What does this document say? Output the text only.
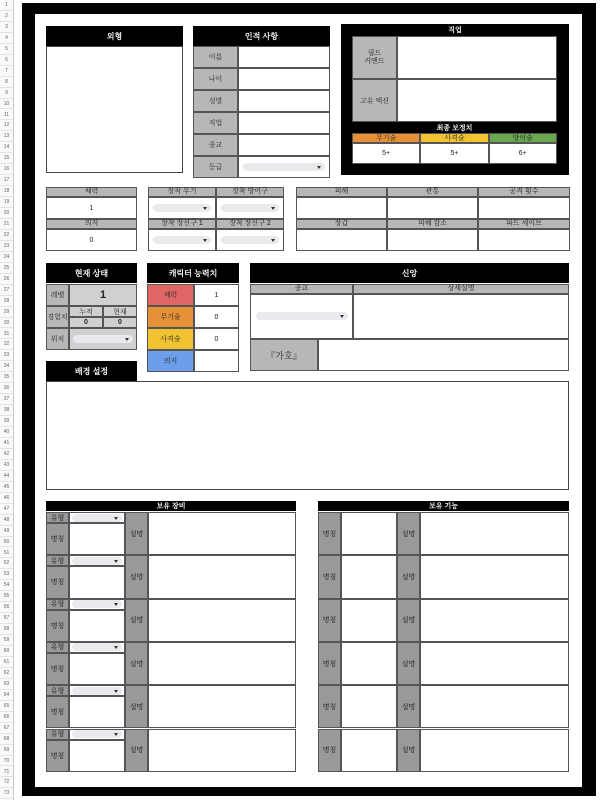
1
2
3
4
5
6
7
8
9
10
11
12
13
14
15
16
17
18
19
20
21
22
23
24
25
26
27
28
29
30
31
32
33
34
35
36
37
38
39
40
41
42
43
44
45
46
47
48
49
50
51
52
53
54
55
56
57
58
59
60
61
62
63
64
65
66
67
68
69
70
71
72
73
외형	인적 사항
이름
나이
성별
직업
종교
등급
직업
필드
커맨드
고유 액션
최종 보정치
무기술
5+
사격술
5+
방어술
6+
체력
1
의지
0
장착 무기	장착 방어구
장착 장신구 1	장착 장신구 2
피해	관통	공격 횟수
장갑	피해 감소	파드 세이브
현재 상태
레벨	1
경험치
누적	현재
0	0
위치
캐릭터 능력치
체력	1
무기술	0
사격술	0
의지
신앙
종교	상세설명
『가호』
배경 설정
보유 장비
유형
명칭
설명
유형
명칭
설명
유형
명칭
설명
유형
명칭
설명
유형
명칭
설명
유형
명칭
설명
보유 기능
명칭	설명
명칭	설명
명칭	설명
명칭	설명
명칭	설명
명칭	설명
